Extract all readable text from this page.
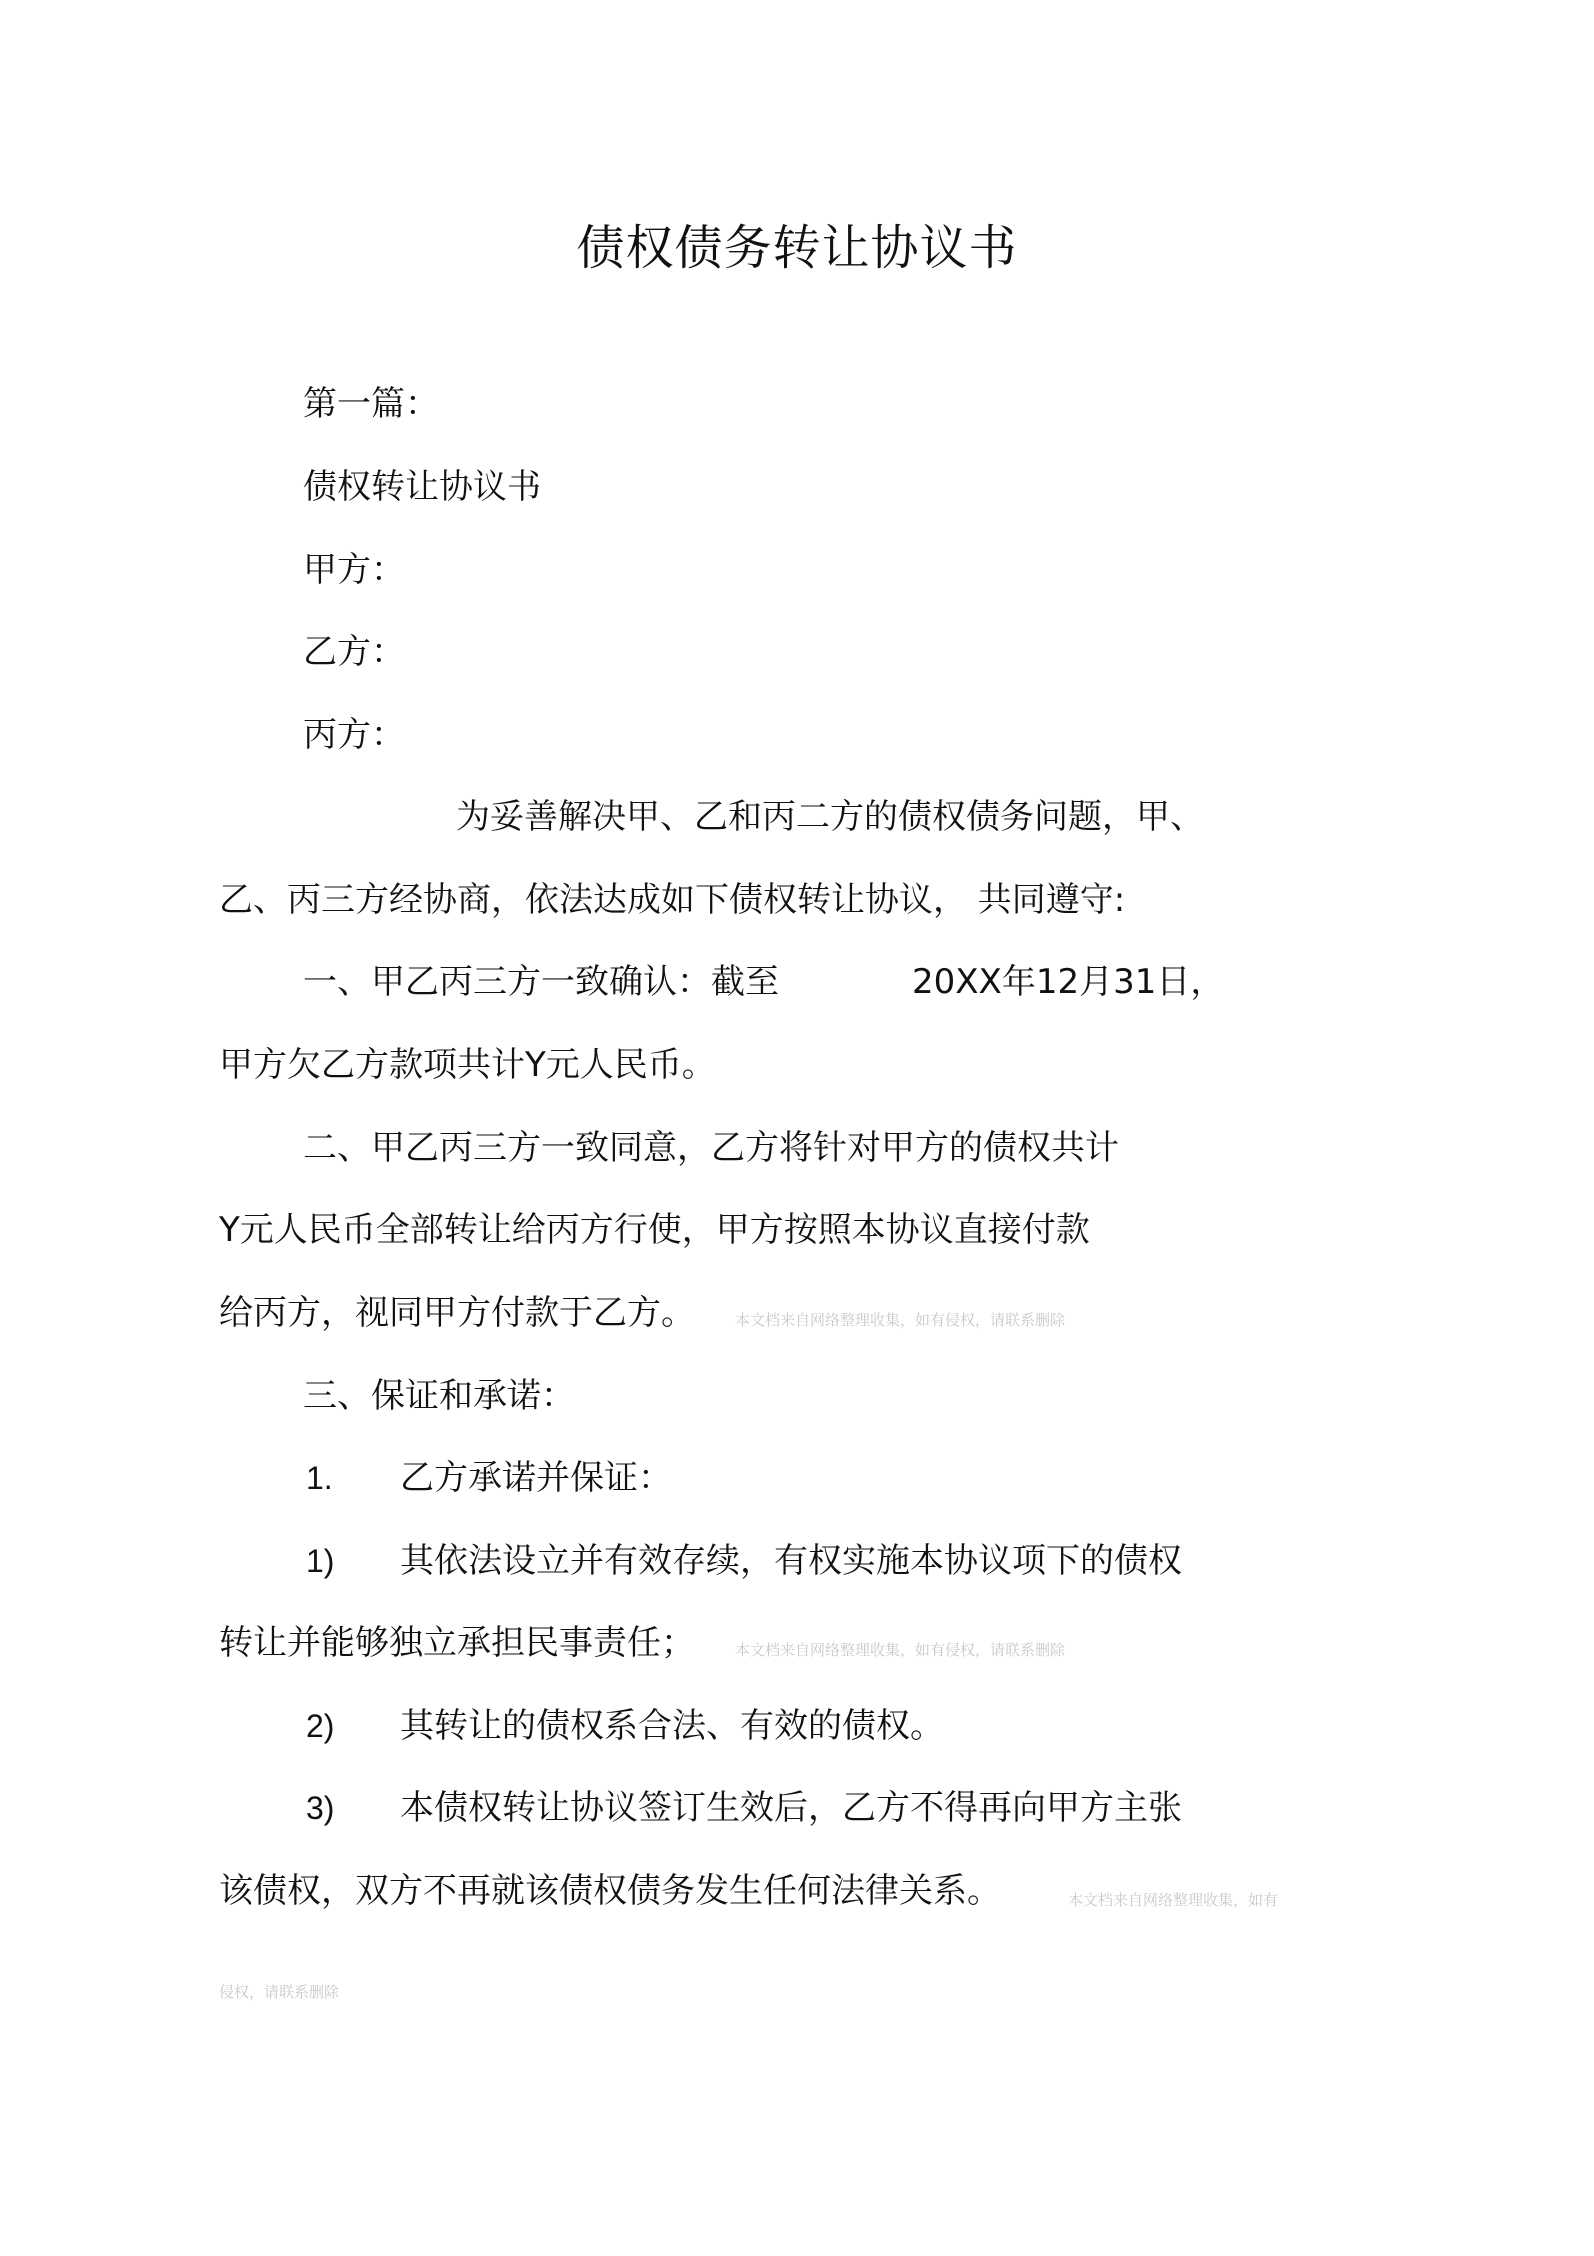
债权债务转让协议书
第一篇：
债权转让协议书
甲方：
乙方：
丙方：
为妥善解决甲、乙和丙二方的债权债务问题，甲、
乙、丙三方经协商，依法达成如下债权转让协议， 共同遵守:
一、甲乙丙三方一致确认：截至	20XX年12月31日，
甲方欠乙方款项共计Y元人民币。
二、甲乙丙三方一致同意，乙方将针对甲方的债权共计
Y元人民币全部转让给丙方行使，甲方按照本协议直接付款
给丙方，视同甲方付款于乙方。	本文档来自网络整理收集，如有侵权，请联系删除
三、保证和承诺：
1. 乙方承诺并保证：
1) 其依法设立并有效存续，有权实施本协议项下的债权
转让并能够独立承担民事责任；	本文档来自网络整理收集，如有侵权，请联系删除
2) 其转让的债权系合法、有效的债权。
3) 本债权转让协议签订生效后，乙方不得再向甲方主张
该债权，双方不再就该债权债务发生任何法律关系。	本文档来自网络整理收集，如有
侵权，请联系删除
